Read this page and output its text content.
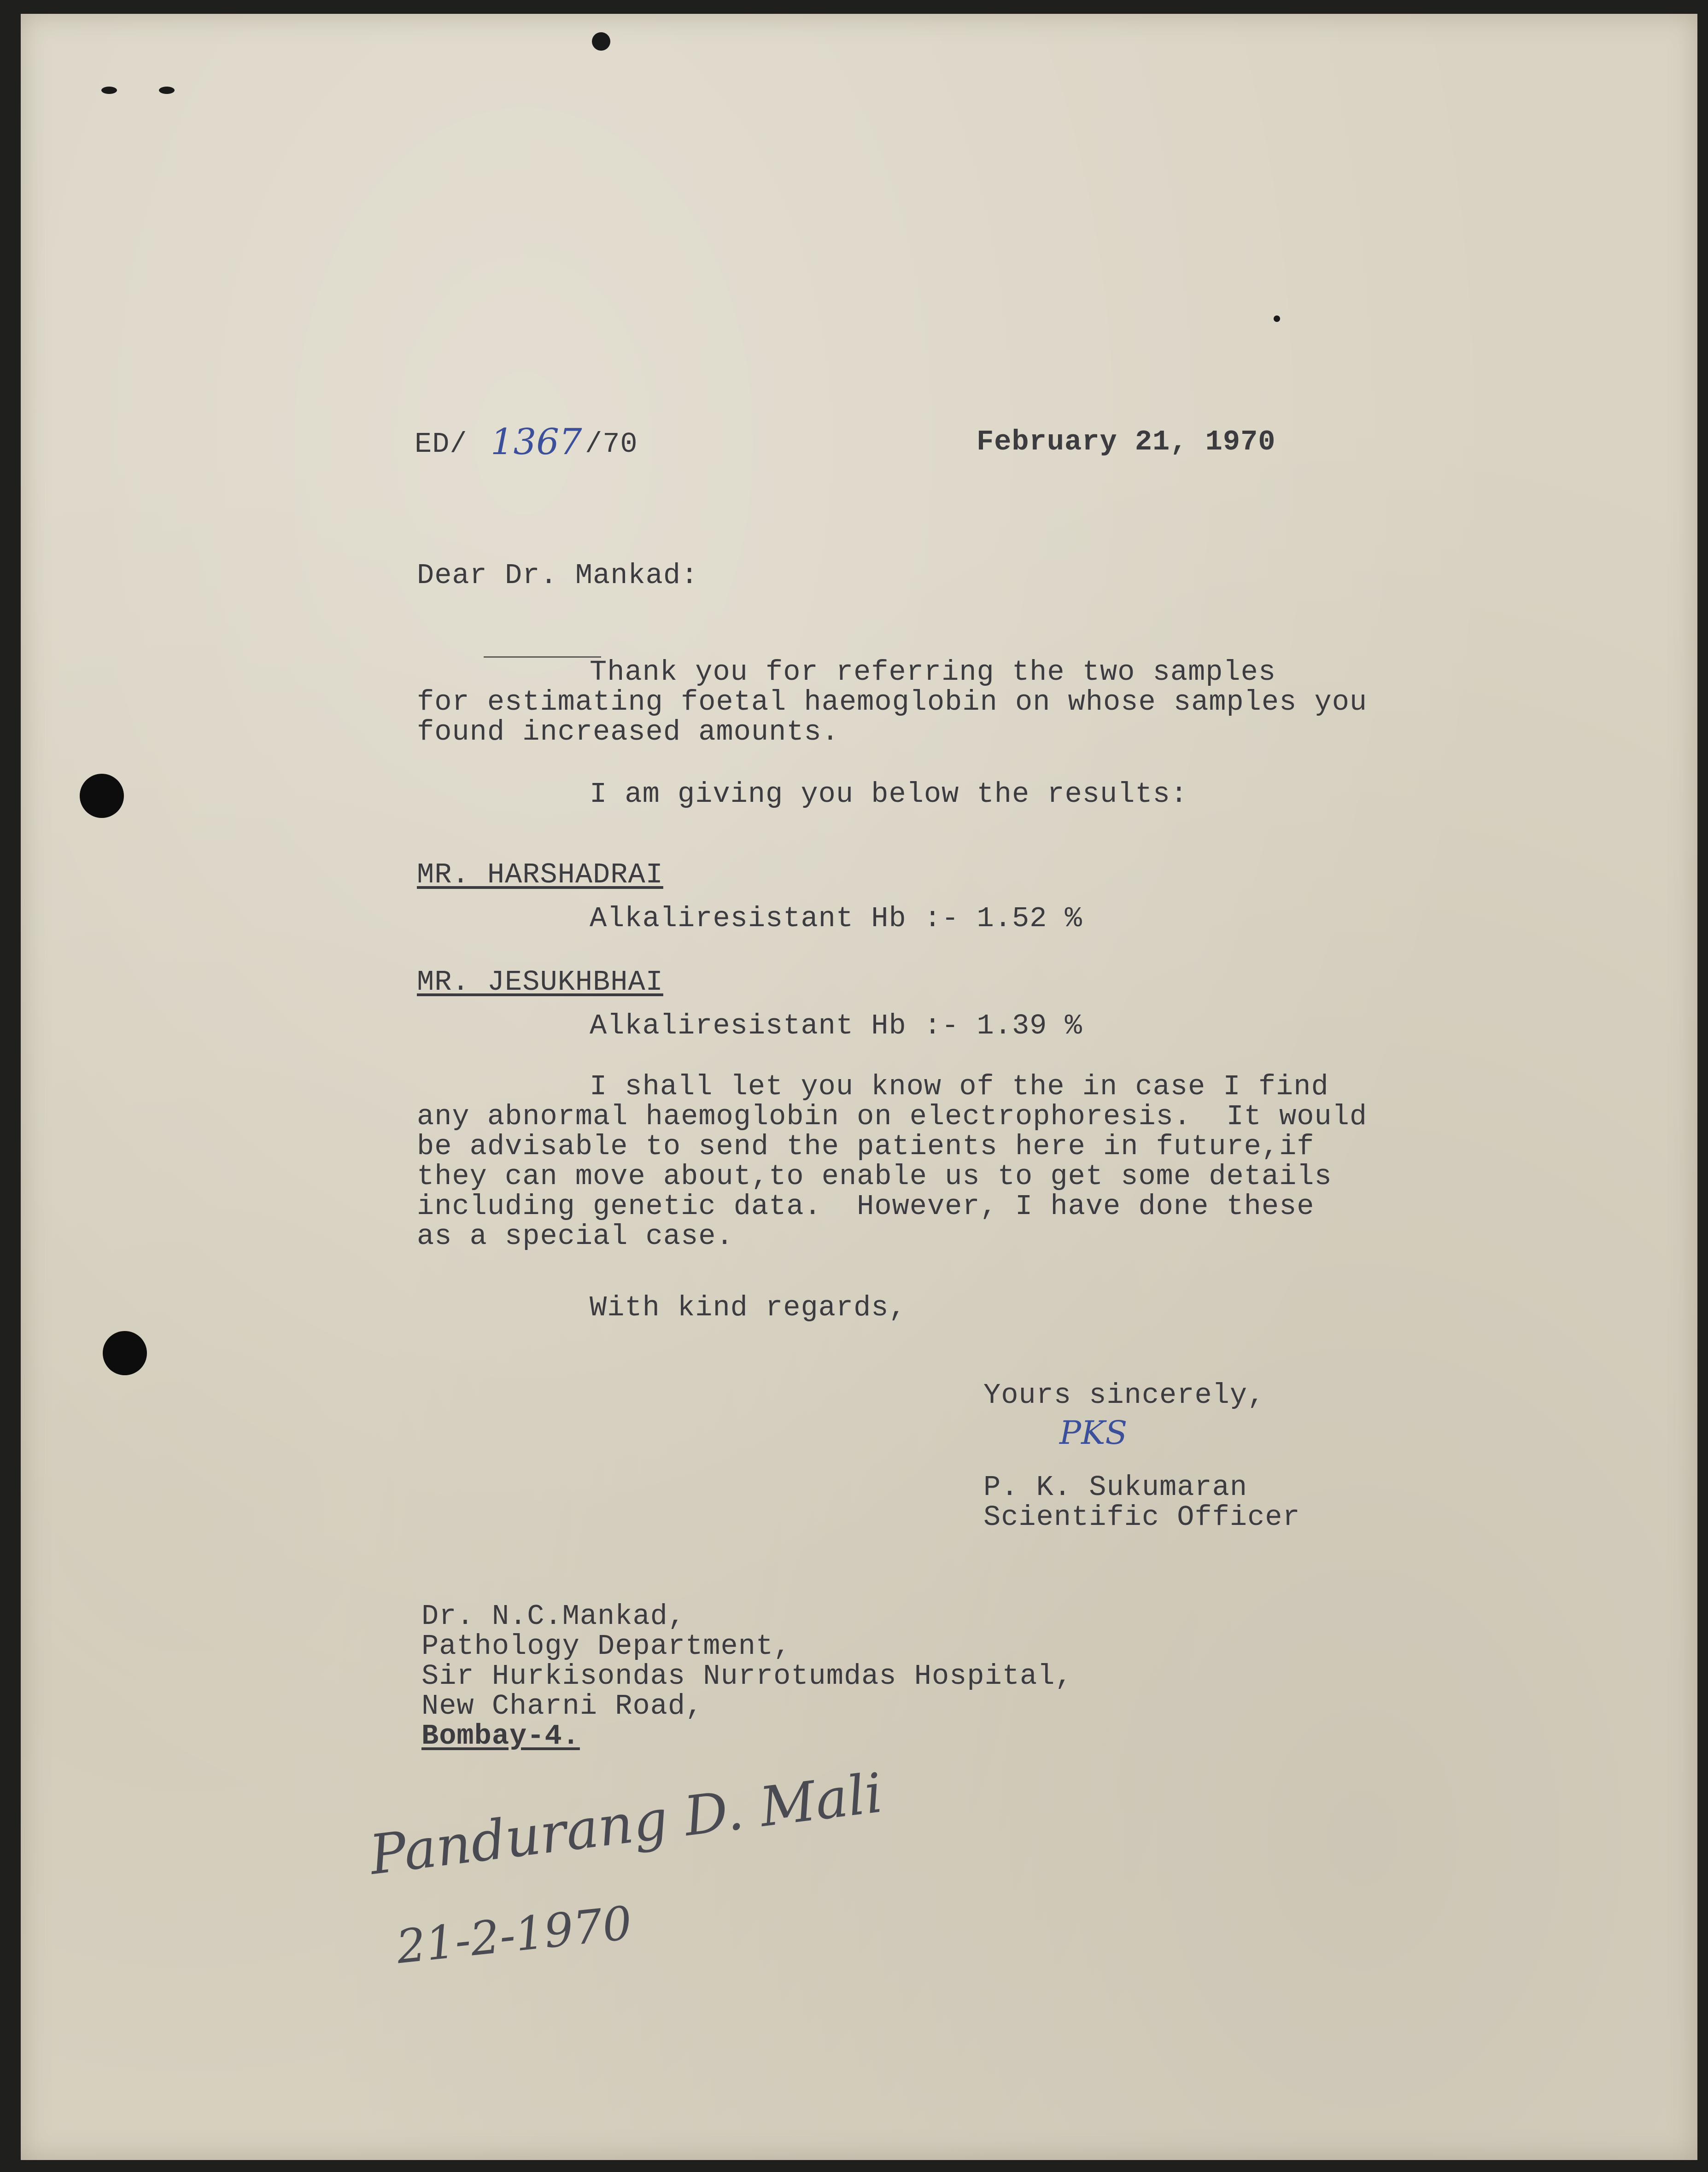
ED/ 1367 /70	February 21, 1970
Dear Dr. Mankad:
Thank you for referring the two samples
for estimating foetal haemoglobin on whose samples you
found increased amounts.
I am giving you below the results:
MR. HARSHADRAI
Alkaliresistant Hb :- 1.52 %
MR. JESUKHBHAI
Alkaliresistant Hb :- 1.39 %
I shall let you know of the in case I find
any abnormal haemoglobin on electrophoresis.  It would
be advisable to send the patients here in future,if
they can move about,to enable us to get some details
including genetic data.  However, I have done these
as a special case.
With kind regards,
Yours sincerely,
PKS
P. K. Sukumaran
Scientific Officer
Dr. N.C.Mankad,
Pathology Department,
Sir Hurkisondas Nurrotumdas Hospital,
New Charni Road,
Bombay-4.
Pandurang D. Mali
21-2-1970
